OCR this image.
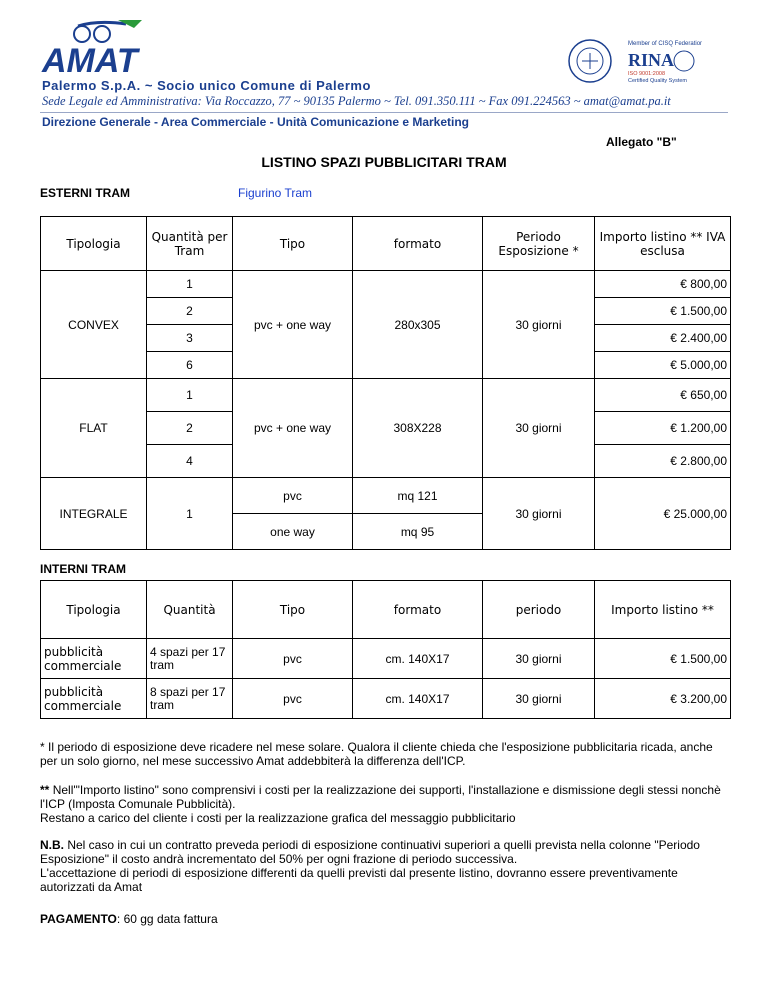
AMAT
Palermo S.p.A. ~ Socio unico Comune di Palermo
Sede Legale ed Amministrativa: Via Roccazzo, 77 ~ 90135 Palermo ~ Tel. 091.350.111 ~ Fax 091.224563 ~ amat@amat.pa.it
Direzione Generale - Area Commerciale - Unità Comunicazione e Marketing
Member of CISQ Federation
RINA
ISO 9001:2008
Certified Quality System
Allegato "B"
LISTINO SPAZI PUBBLICITARI TRAM
ESTERNI TRAM	Figurino Tram
Tipologia	Quantità per Tram	Tipo	formato	Periodo Esposizione *	Importo listino ** IVA esclusa
CONVEX	1	pvc + one way	280x305	30 giorni	€ 800,00
	2				€ 1.500,00
	3				€ 2.400,00
	6				€ 5.000,00
FLAT	1	pvc + one way	308X228	30 giorni	€ 650,00
	2				€ 1.200,00
	4				€ 2.800,00
INTEGRALE	1	pvc	mq 121	30 giorni	€ 25.000,00
		one way	mq 95		
INTERNI TRAM
Tipologia	Quantità	Tipo	formato	periodo	Importo listino **
pubblicità commerciale	4 spazi per 17 tram	pvc	cm. 140X17	30 giorni	€ 1.500,00
pubblicità commerciale	8 spazi per 17 tram	pvc	cm. 140X17	30 giorni	€ 3.200,00
* Il periodo di esposizione deve ricadere nel mese solare. Qualora il cliente chieda che l'esposizione pubblicitaria ricada, anche per un solo giorno, nel mese successivo Amat addebbiterà la differenza dell'ICP.
** Nell'"Importo listino" sono comprensivi i costi per la realizzazione dei supporti, l'installazione e dismissione degli stessi nonchè l'ICP (Imposta Comunale Pubblicità).
Restano a carico del cliente i costi per la realizzazione grafica del messaggio pubblicitario
N.B. Nel caso in cui un contratto preveda periodi di esposizione continuativi superiori a quelli prevista nella colonne "Periodo Esposizione" il costo andrà incrementato del 50% per ogni frazione di periodo successiva.
L'accettazione di periodi di esposizione differenti da quelli previsti dal presente listino, dovranno essere preventivamente autorizzati da Amat
PAGAMENTO: 60 gg data fattura
